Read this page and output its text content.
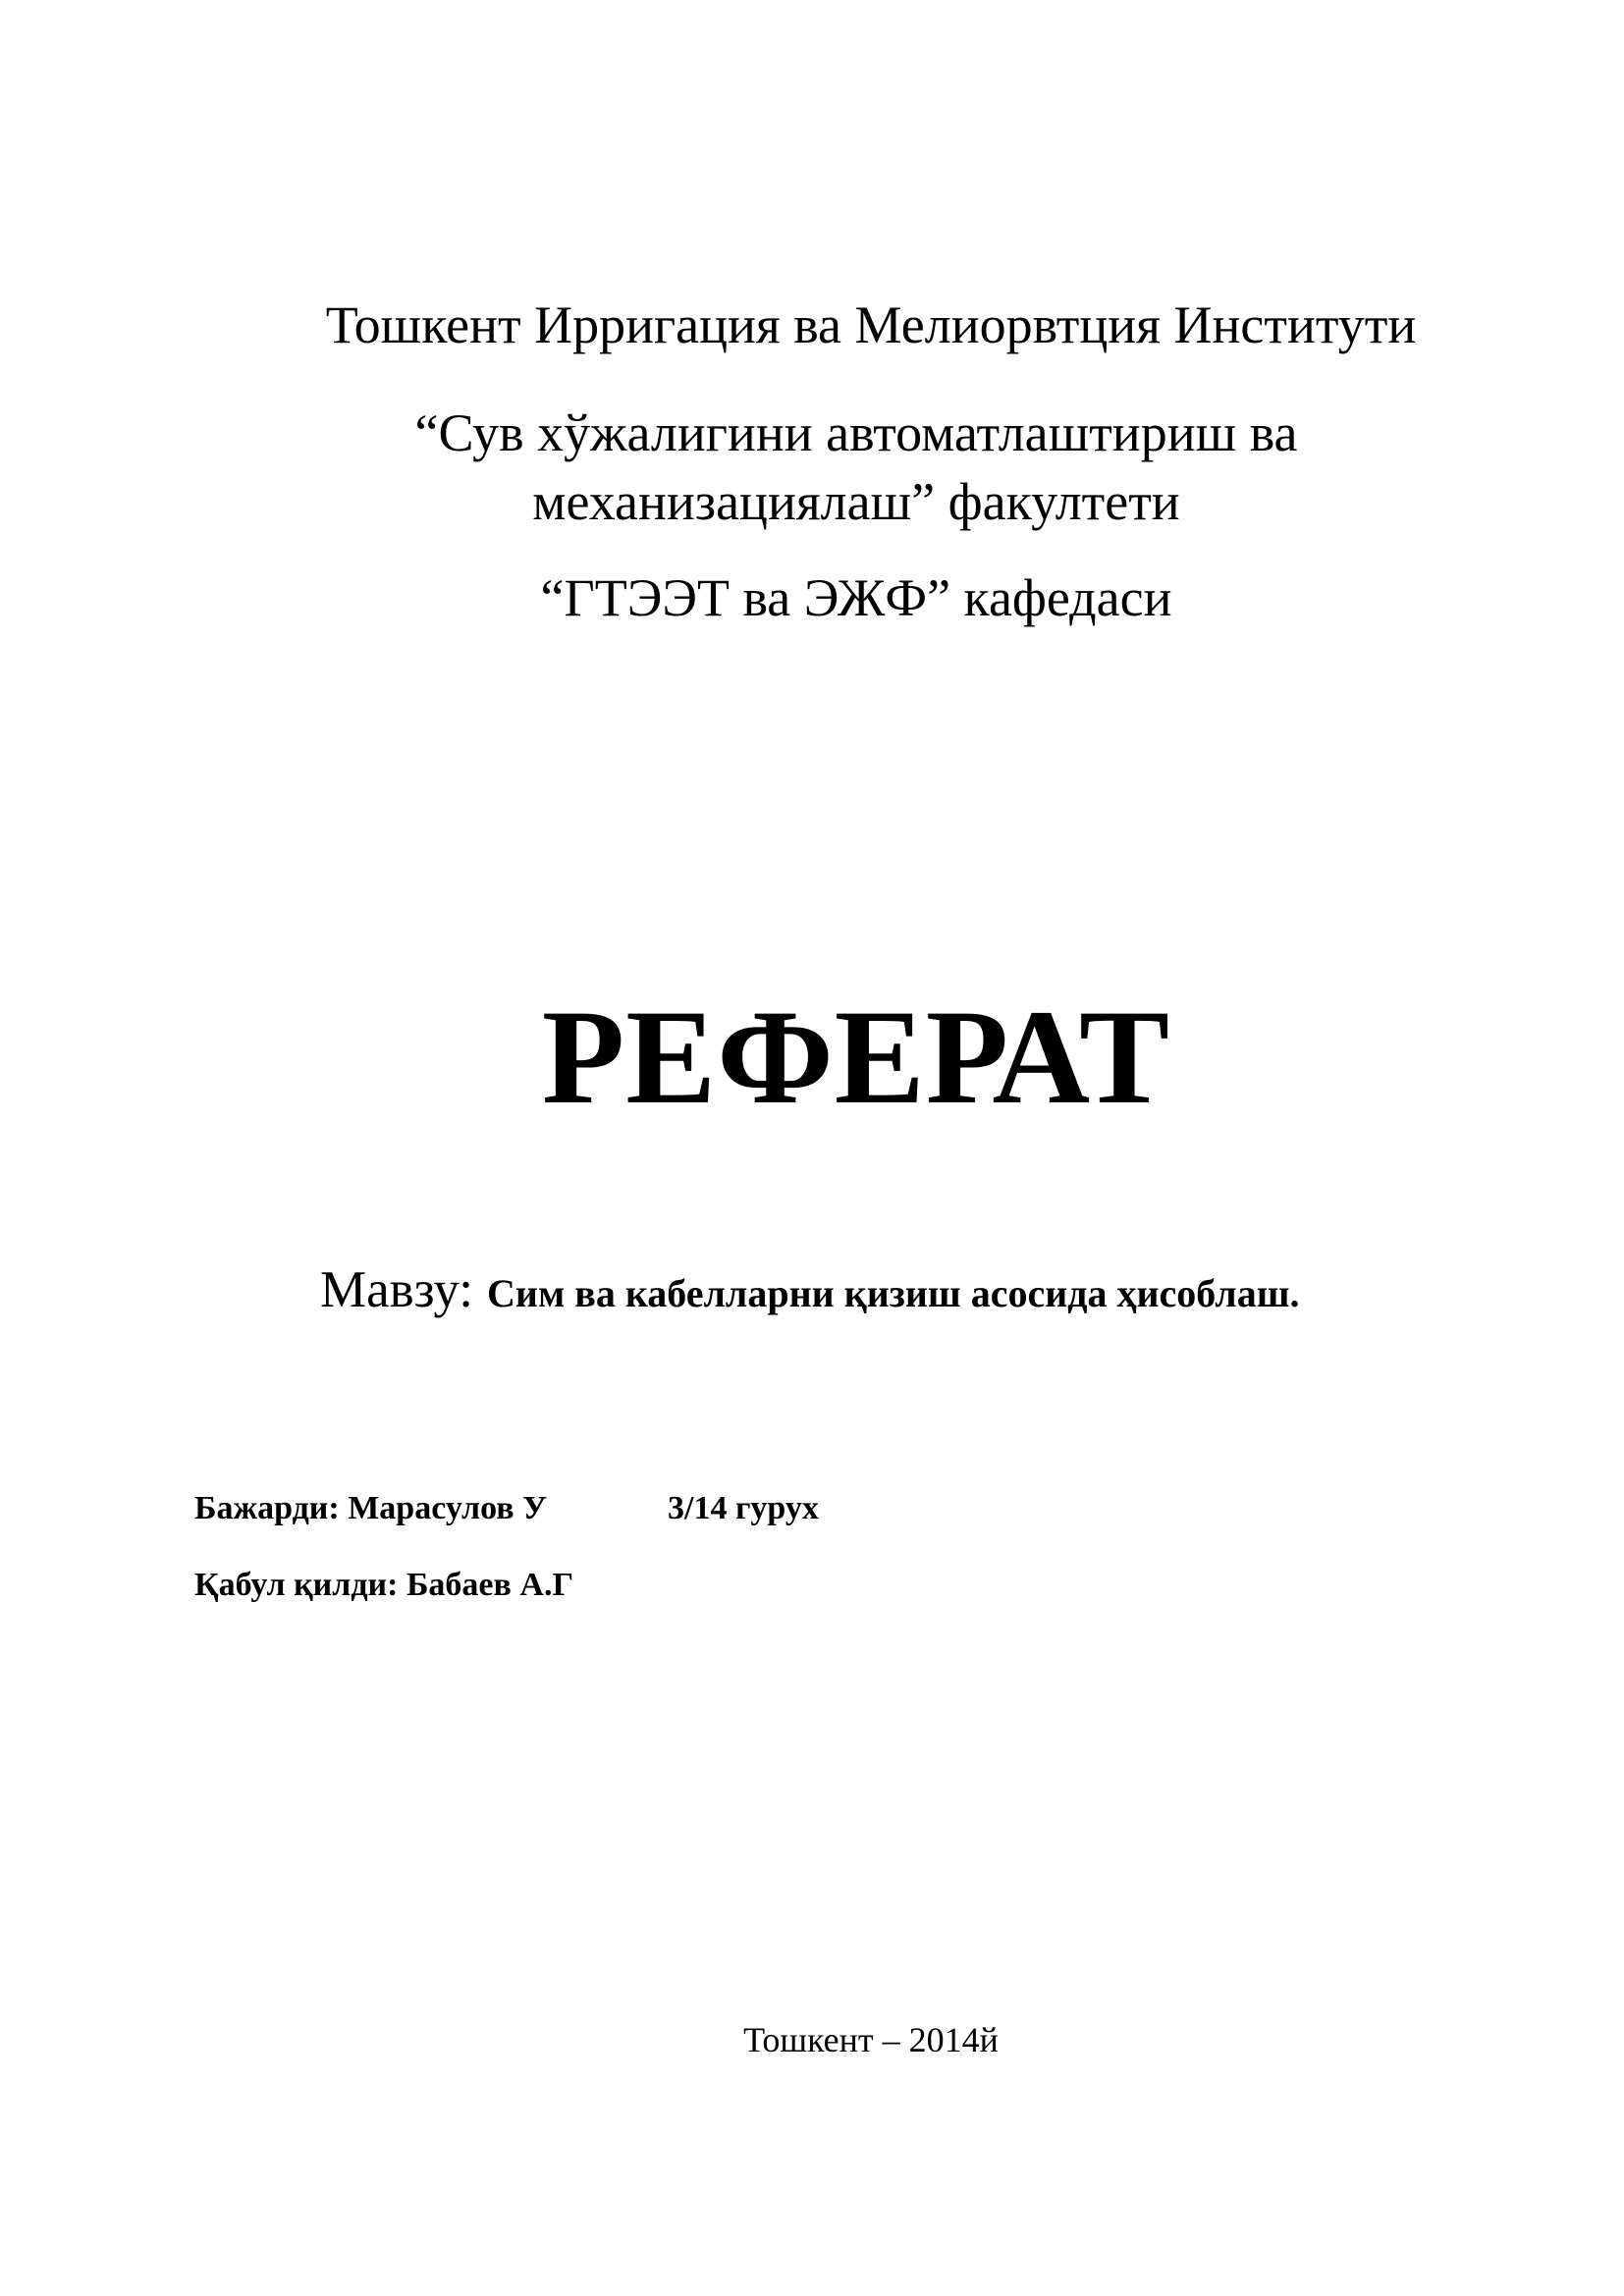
Тошкент Ирригация ва Мелиорвтция Институти
“Сув хўжалигини автоматлаштириш ва
механизациялаш” факултети
“ГТЭЭТ ва ЭЖФ” кафедаси
РЕФЕРАТ
Мавзу: Сим ва кабелларни қизиш асосида ҳисоблаш.
Бажарди: Марасулов У	3/14 гурух
Қабул қилди: Бабаев А.Г
Тошкент – 2014й
